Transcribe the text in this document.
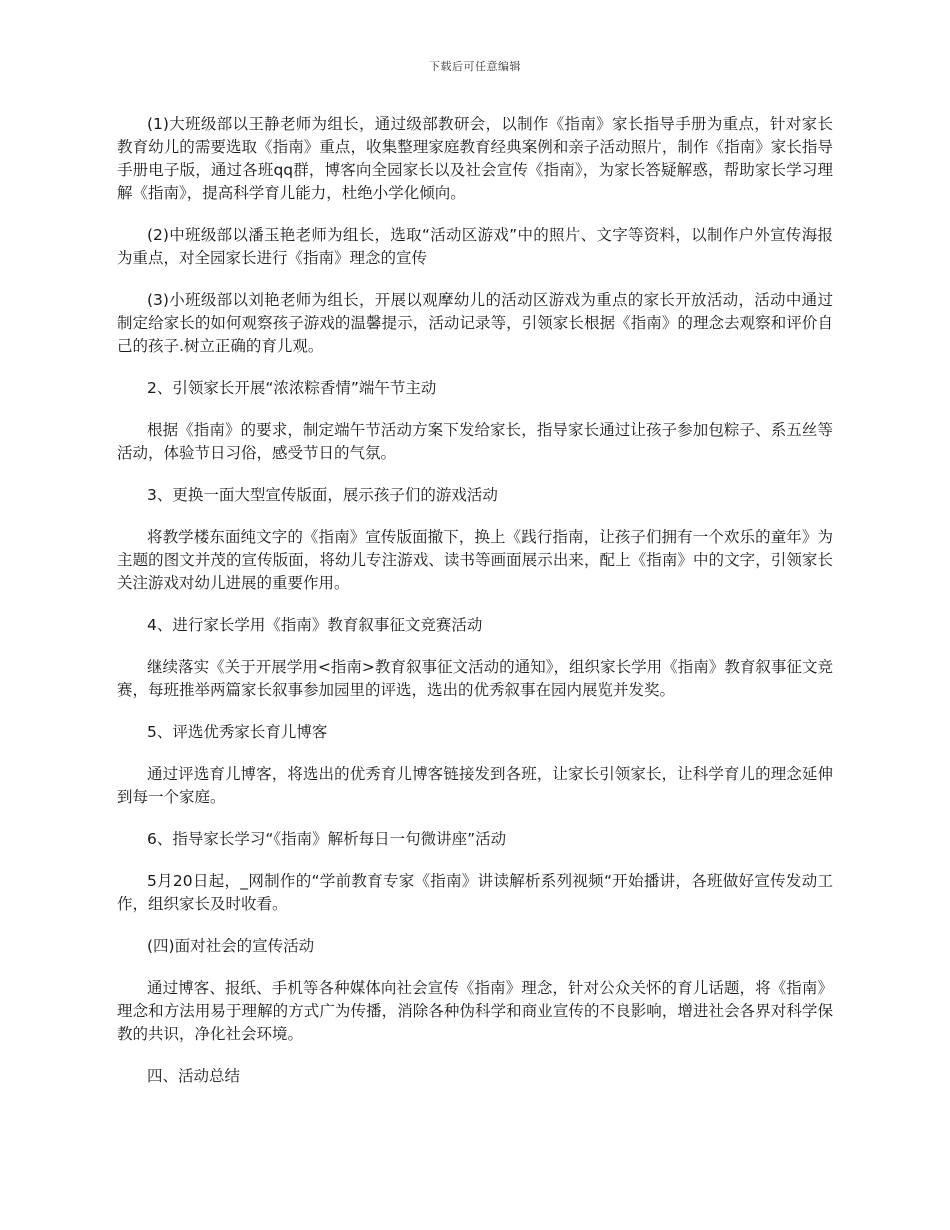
下载后可任意编辑

(1)大班级部以王静老师为组长，通过级部教研会，以制作《指南》家长指导手册为重点，针对家长教育幼儿的需要选取《指南》重点，收集整理家庭教育经典案例和亲子活动照片，制作《指南》家长指导手册电子版，通过各班qq群，博客向全园家长以及社会宣传《指南》，为家长答疑解惑，帮助家长学习理解《指南》，提高科学育儿能力，杜绝小学化倾向。

(2)中班级部以潘玉艳老师为组长，选取“活动区游戏”中的照片、文字等资料，以制作户外宣传海报为重点，对全园家长进行《指南》理念的宣传

(3)小班级部以刘艳老师为组长，开展以观摩幼儿的活动区游戏为重点的家长开放活动，活动中通过制定给家长的如何观察孩子游戏的温馨提示，活动记录等，引领家长根据《指南》的理念去观察和评价自己的孩子.树立正确的育儿观。

2、引领家长开展“浓浓粽香情”端午节主动

根据《指南》的要求，制定端午节活动方案下发给家长，指导家长通过让孩子参加包粽子、系五丝等活动，体验节日习俗，感受节日的气氛。

3、更换一面大型宣传版面，展示孩子们的游戏活动

将教学楼东面纯文字的《指南》宣传版面撤下，换上《践行指南，让孩子们拥有一个欢乐的童年》为主题的图文并茂的宣传版面，将幼儿专注游戏、读书等画面展示出来，配上《指南》中的文字，引领家长关注游戏对幼儿进展的重要作用。

4、进行家长学用《指南》教育叙事征文竞赛活动

继续落实《关于开展学用<指南>教育叙事征文活动的通知》，组织家长学用《指南》教育叙事征文竞赛，每班推举两篇家长叙事参加园里的评选，选出的优秀叙事在园内展览并发奖。

5、评选优秀家长育儿博客

通过评选育儿博客，将选出的优秀育儿博客链接发到各班，让家长引领家长，让科学育儿的理念延伸到每一个家庭。

6、指导家长学习“《指南》解析每日一句微讲座”活动

5月20日起，_网制作的“学前教育专家《指南》讲读解析系列视频“开始播讲，各班做好宣传发动工作，组织家长及时收看。

(四)面对社会的宣传活动

通过博客、报纸、手机等各种媒体向社会宣传《指南》理念，针对公众关怀的育儿话题，将《指南》理念和方法用易于理解的方式广为传播，消除各种伪科学和商业宣传的不良影响，增进社会各界对科学保教的共识，净化社会环境。

四、活动总结
